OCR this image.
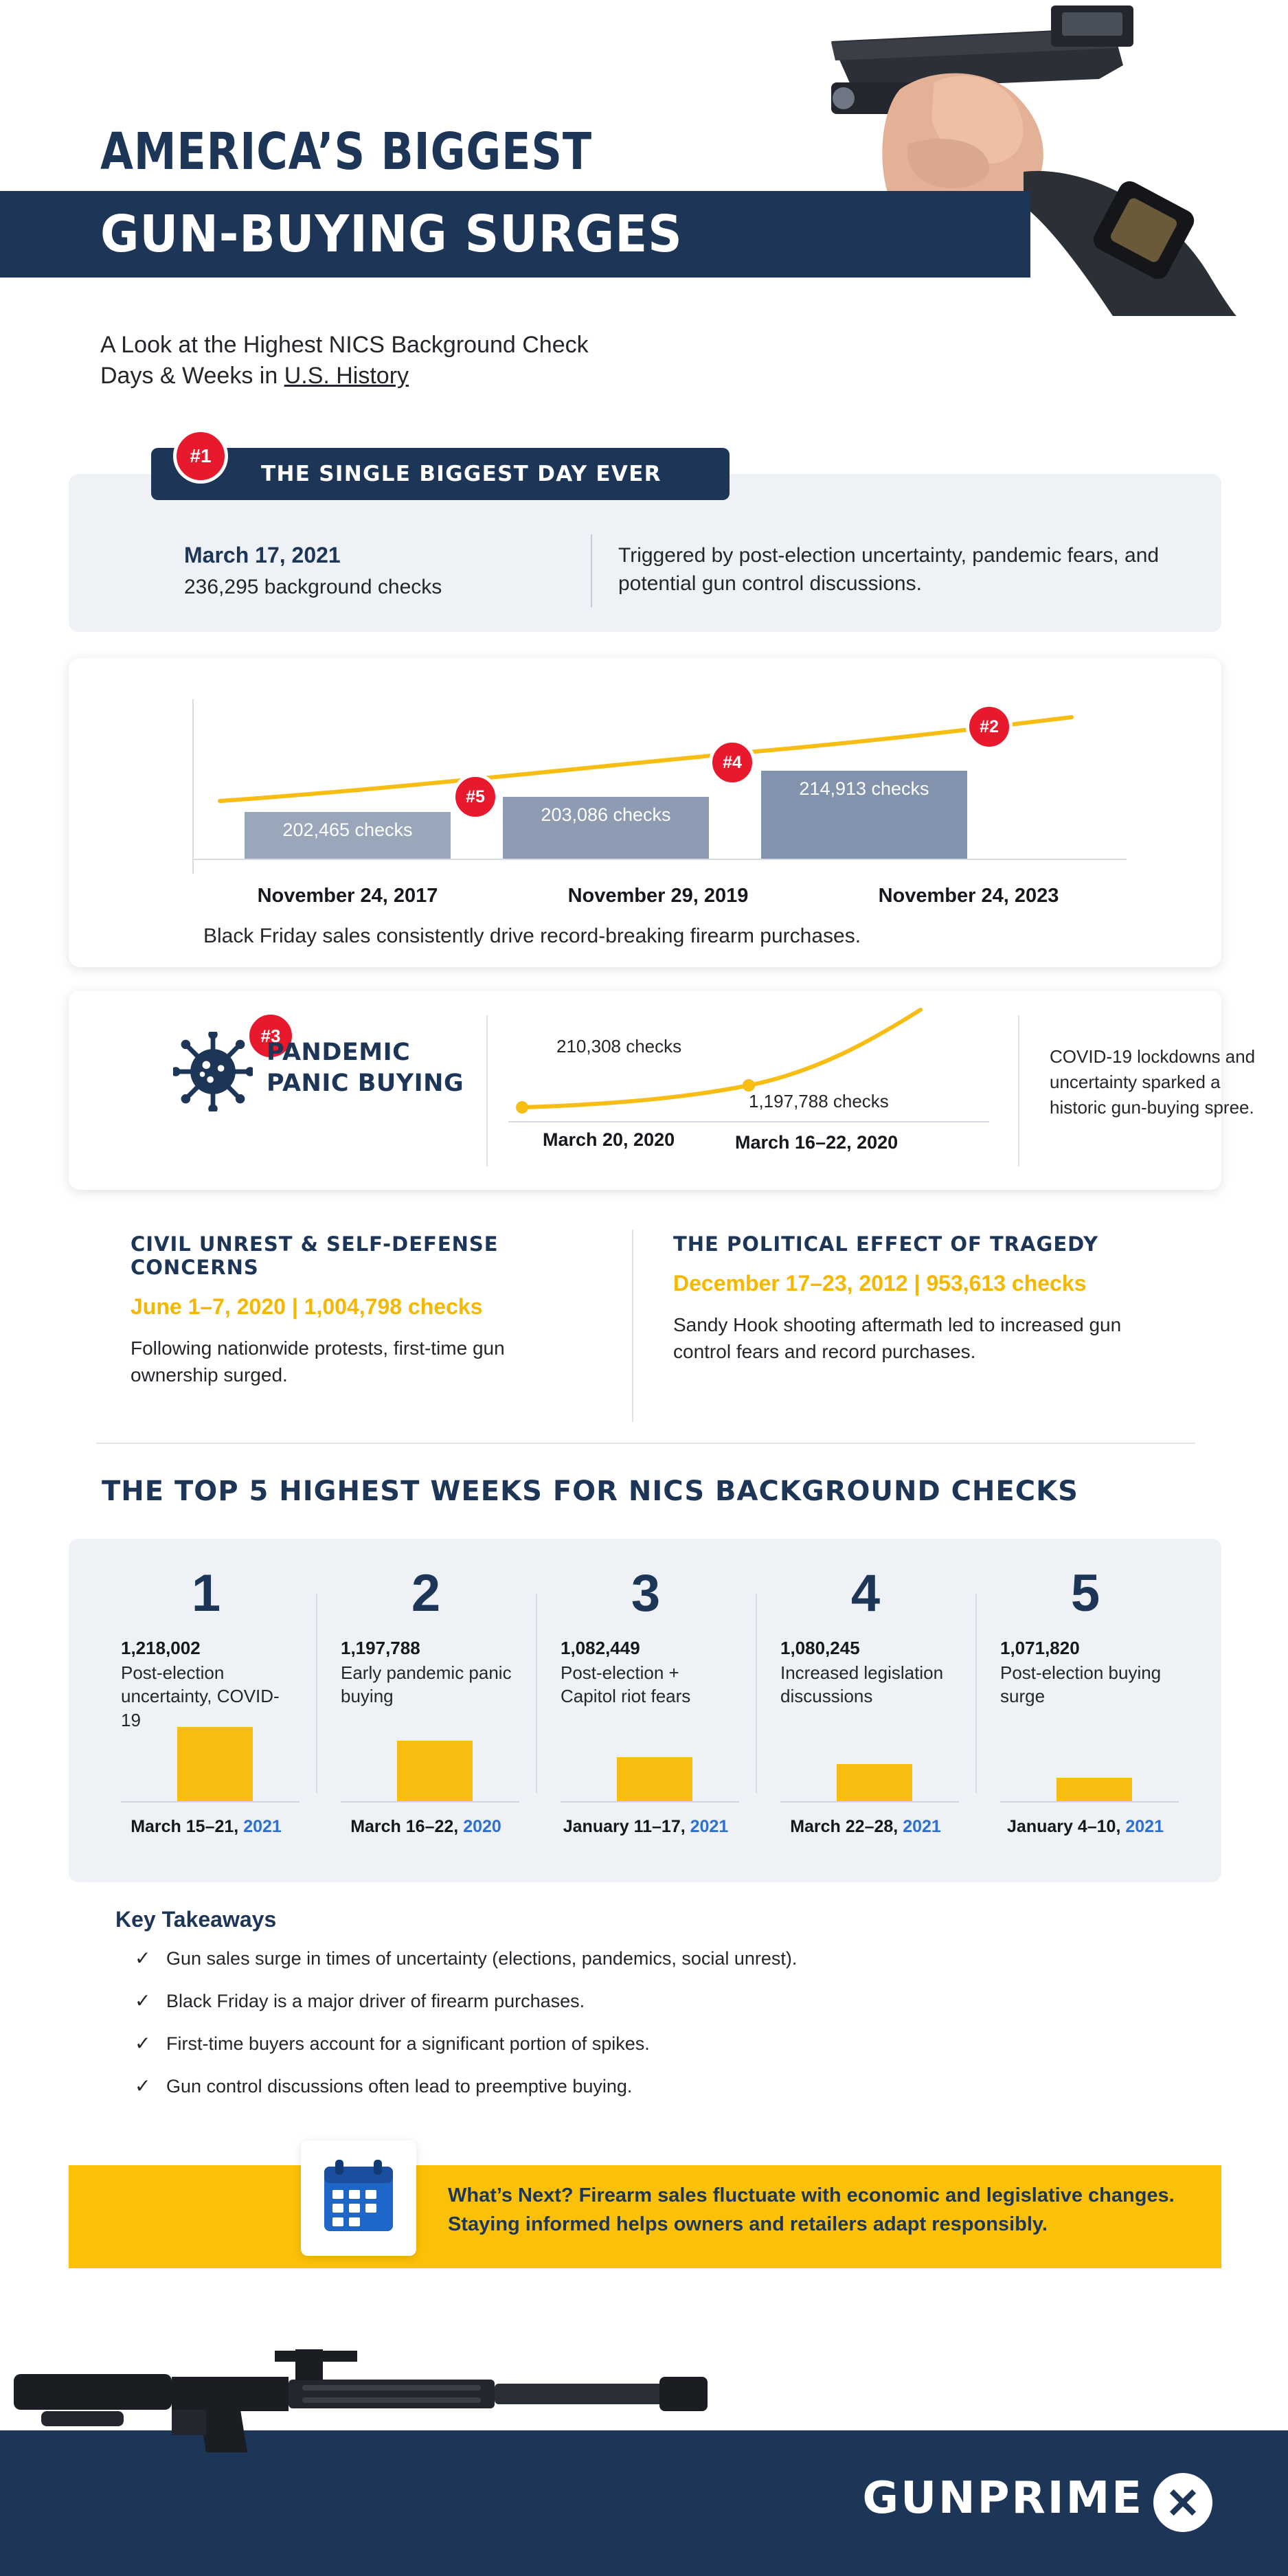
AMERICA’S BIGGEST
GUN-BUYING SURGES
A Look at the Highest NICS Background Check
Days & Weeks in U.S. History
THE SINGLE BIGGEST DAY EVER
#1
March 17, 2021
236,295 background checks
Triggered by post-election uncertainty, pandemic fears, and potential gun control discussions.
202,465 checks
203,086 checks
214,913 checks
#5
#4
#2
November 24, 2017	November 29, 2019	November 24, 2023
Black Friday sales consistently drive record-breaking firearm purchases.
#3
PANDEMIC
PANIC BUYING
210,308 checks
1,197,788 checks
March 20, 2020	March 16–22, 2020
COVID-19 lockdowns and uncertainty sparked a historic gun-buying spree.
CIVIL UNREST & SELF-DEFENSE CONCERNS
June 1–7, 2020 | 1,004,798 checks
Following nationwide protests, first-time gun ownership surged.
THE POLITICAL EFFECT OF TRAGEDY
December 17–23, 2012 | 953,613 checks
Sandy Hook shooting aftermath led to increased gun control fears and record purchases.
THE TOP 5 HIGHEST WEEKS FOR NICS BACKGROUND CHECKS
1
1,218,002
Post-election uncertainty, COVID-19
March 15–21, 2021
2
1,197,788
Early pandemic panic buying
March 16–22, 2020
3
1,082,449
Post-election + Capitol riot fears
January 11–17, 2021
4
1,080,245
Increased legislation discussions
March 22–28, 2021
5
1,071,820
Post-election buying surge
January 4–10, 2021
Key Takeaways
✓ Gun sales surge in times of uncertainty (elections, pandemics, social unrest).
✓ Black Friday is a major driver of firearm purchases.
✓ First-time buyers account for a significant portion of spikes.
✓ Gun control discussions often lead to preemptive buying.
What’s Next? Firearm sales fluctuate with economic and legislative changes. Staying informed helps owners and retailers adapt responsibly.
GUNPRIME
